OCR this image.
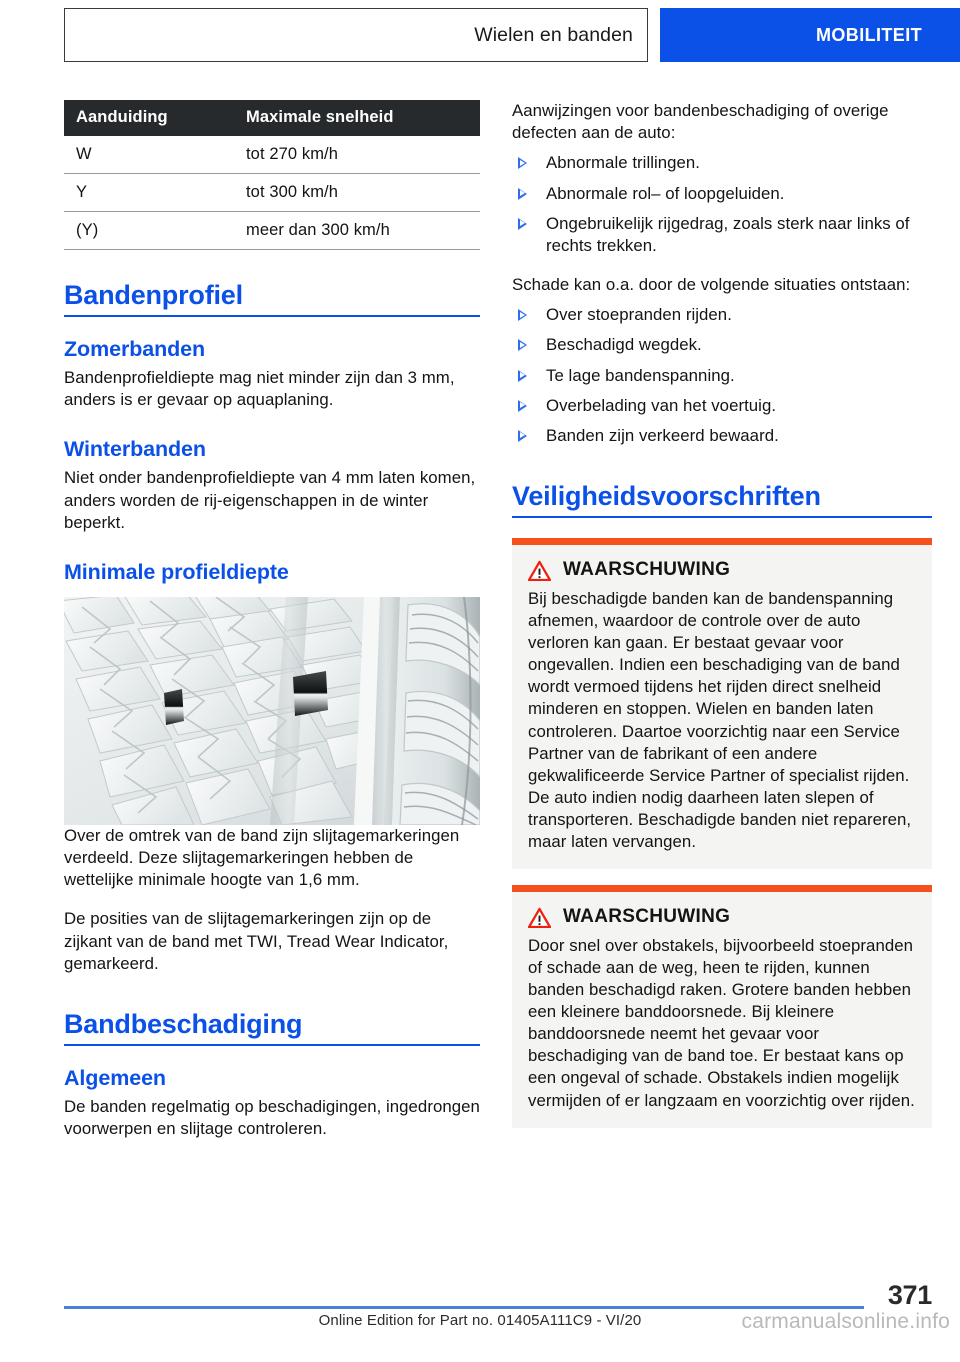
Wielen en banden	MOBILITEIT
Aanduiding	Maximale snelheid
W	tot 270 km/h
Y	tot 300 km/h
(Y)	meer dan 300 km/h
Bandenprofiel
Zomerbanden

Bandenprofieldiepte mag niet minder zijn dan 3 mm, anders is er gevaar op aquaplaning.

Winterbanden

Niet onder bandenprofieldiepte van 4 mm laten komen, anders worden de rij-eigenschappen in de winter beperkt.

Minimale profieldiepte

Over de omtrek van de band zijn slijtagemarkeringen verdeeld. Deze slijtagemarkeringen hebben de wettelijke minimale hoogte van 1,6 mm.

De posities van de slijtagemarkeringen zijn op de zijkant van de band met TWI, Tread Wear Indicator, gemarkeerd.

Bandbeschadiging
Algemeen

De banden regelmatig op beschadigingen, ingedrongen voorwerpen en slijtage controleren.

Aanwijzingen voor bandenbeschadiging of overige defecten aan de auto:

Abnormale trillingen.
Abnormale rol– of loopgeluiden.
Ongebruikelijk rijgedrag, zoals sterk naar links of rechts trekken.

Schade kan o.a. door de volgende situaties ontstaan:

Over stoepranden rijden.
Beschadigd wegdek.
Te lage bandenspanning.
Overbelading van het voertuig.
Banden zijn verkeerd bewaard.
Veiligheidsvoorschriften
WAARSCHUWING
Bij beschadigde banden kan de bandenspanning afnemen, waardoor de controle over de auto verloren kan gaan. Er bestaat gevaar voor ongevallen. Indien een beschadiging van de band wordt vermoed tijdens het rijden direct snelheid minderen en stoppen. Wielen en banden laten controleren. Daartoe voorzichtig naar een Service Partner van de fabrikant of een andere gekwalificeerde Service Partner of specialist rijden. De auto indien nodig daarheen laten slepen of transporteren. Beschadigde banden niet repareren, maar laten vervangen.
WAARSCHUWING
Door snel over obstakels, bijvoorbeeld stoepranden of schade aan de weg, heen te rijden, kunnen banden beschadigd raken. Grotere banden hebben een kleinere banddoorsnede. Bij kleinere banddoorsnede neemt het gevaar voor beschadiging van de band toe. Er bestaat kans op een ongeval of schade. Obstakels indien mogelijk vermijden of er langzaam en voorzichtig over rijden.
371
Online Edition for Part no. 01405A111C9 - VI/20	carmanualsonline.info
